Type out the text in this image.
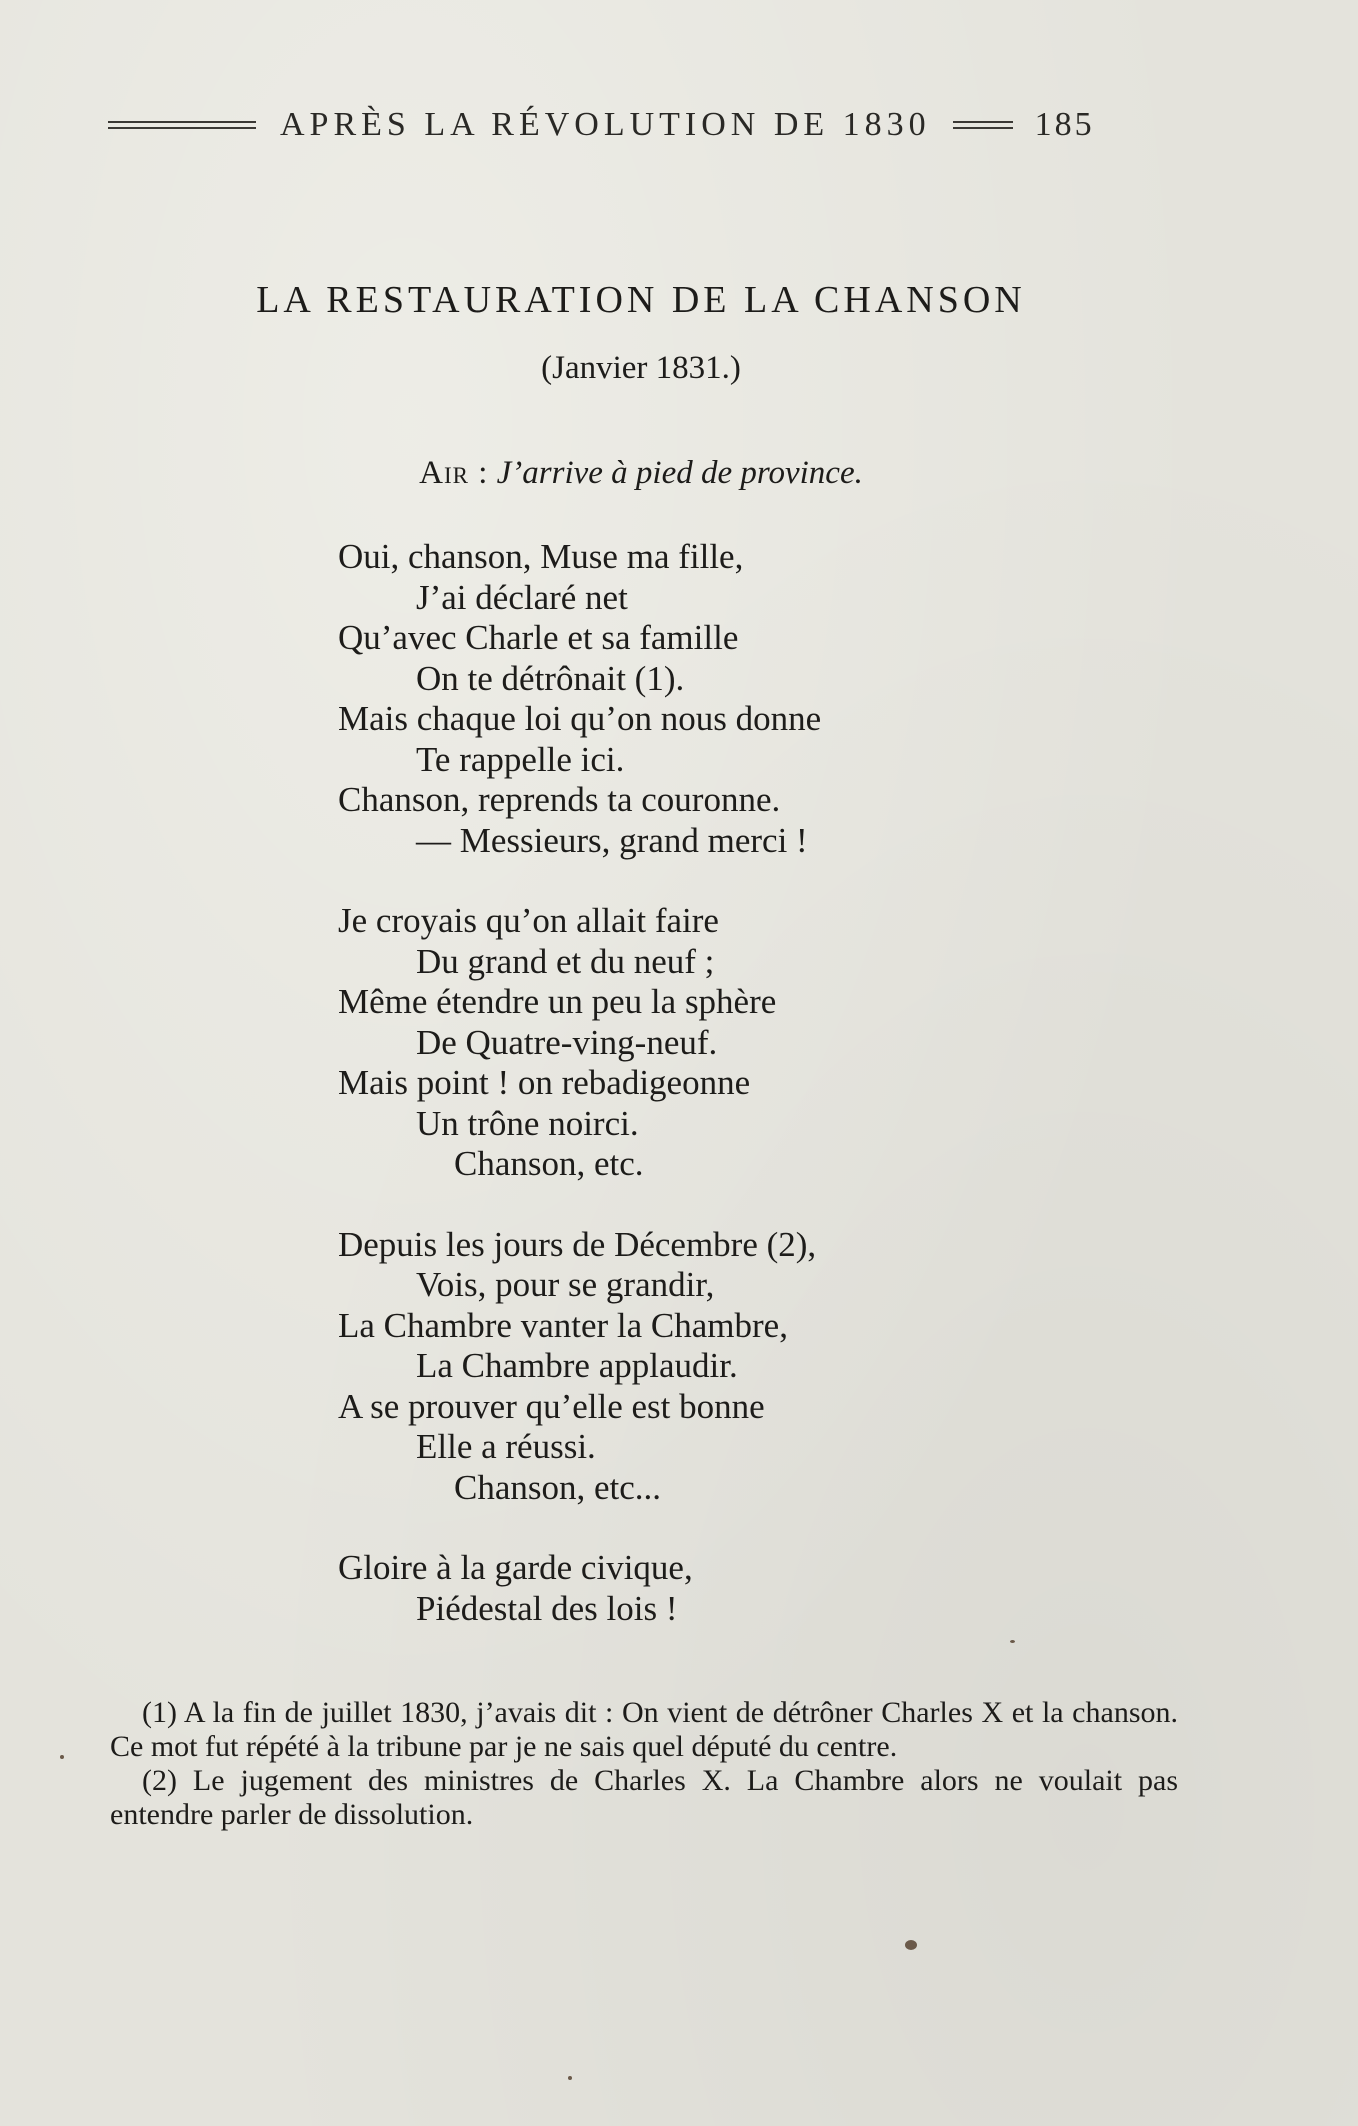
APRÈS LA RÉVOLUTION DE 1830	185
LA RESTAURATION DE LA CHANSON
(Janvier 1831.)
Air : J’arrive à pied de province.
Oui, chanson, Muse ma fille,
J’ai déclaré net
Qu’avec Charle et sa famille
On te détrônait (1).
Mais chaque loi qu’on nous donne
Te rappelle ici.
Chanson, reprends ta couronne.
— Messieurs, grand merci !
Je croyais qu’on allait faire
Du grand et du neuf ;
Même étendre un peu la sphère
De Quatre-ving-neuf.
Mais point ! on rebadigeonne
Un trône noirci.
Chanson, etc.
Depuis les jours de Décembre (2),
Vois, pour se grandir,
La Chambre vanter la Chambre,
La Chambre applaudir.
A se prouver qu’elle est bonne
Elle a réussi.
Chanson, etc...
Gloire à la garde civique,
Piédestal des lois !

(1) A la fin de juillet 1830, j’avais dit : On vient de détrôner Charles X et la chanson. Ce mot fut répété à la tribune par je ne sais quel député du centre.

(2) Le jugement des ministres de Charles X. La Chambre alors ne voulait pas entendre parler de dissolution.
